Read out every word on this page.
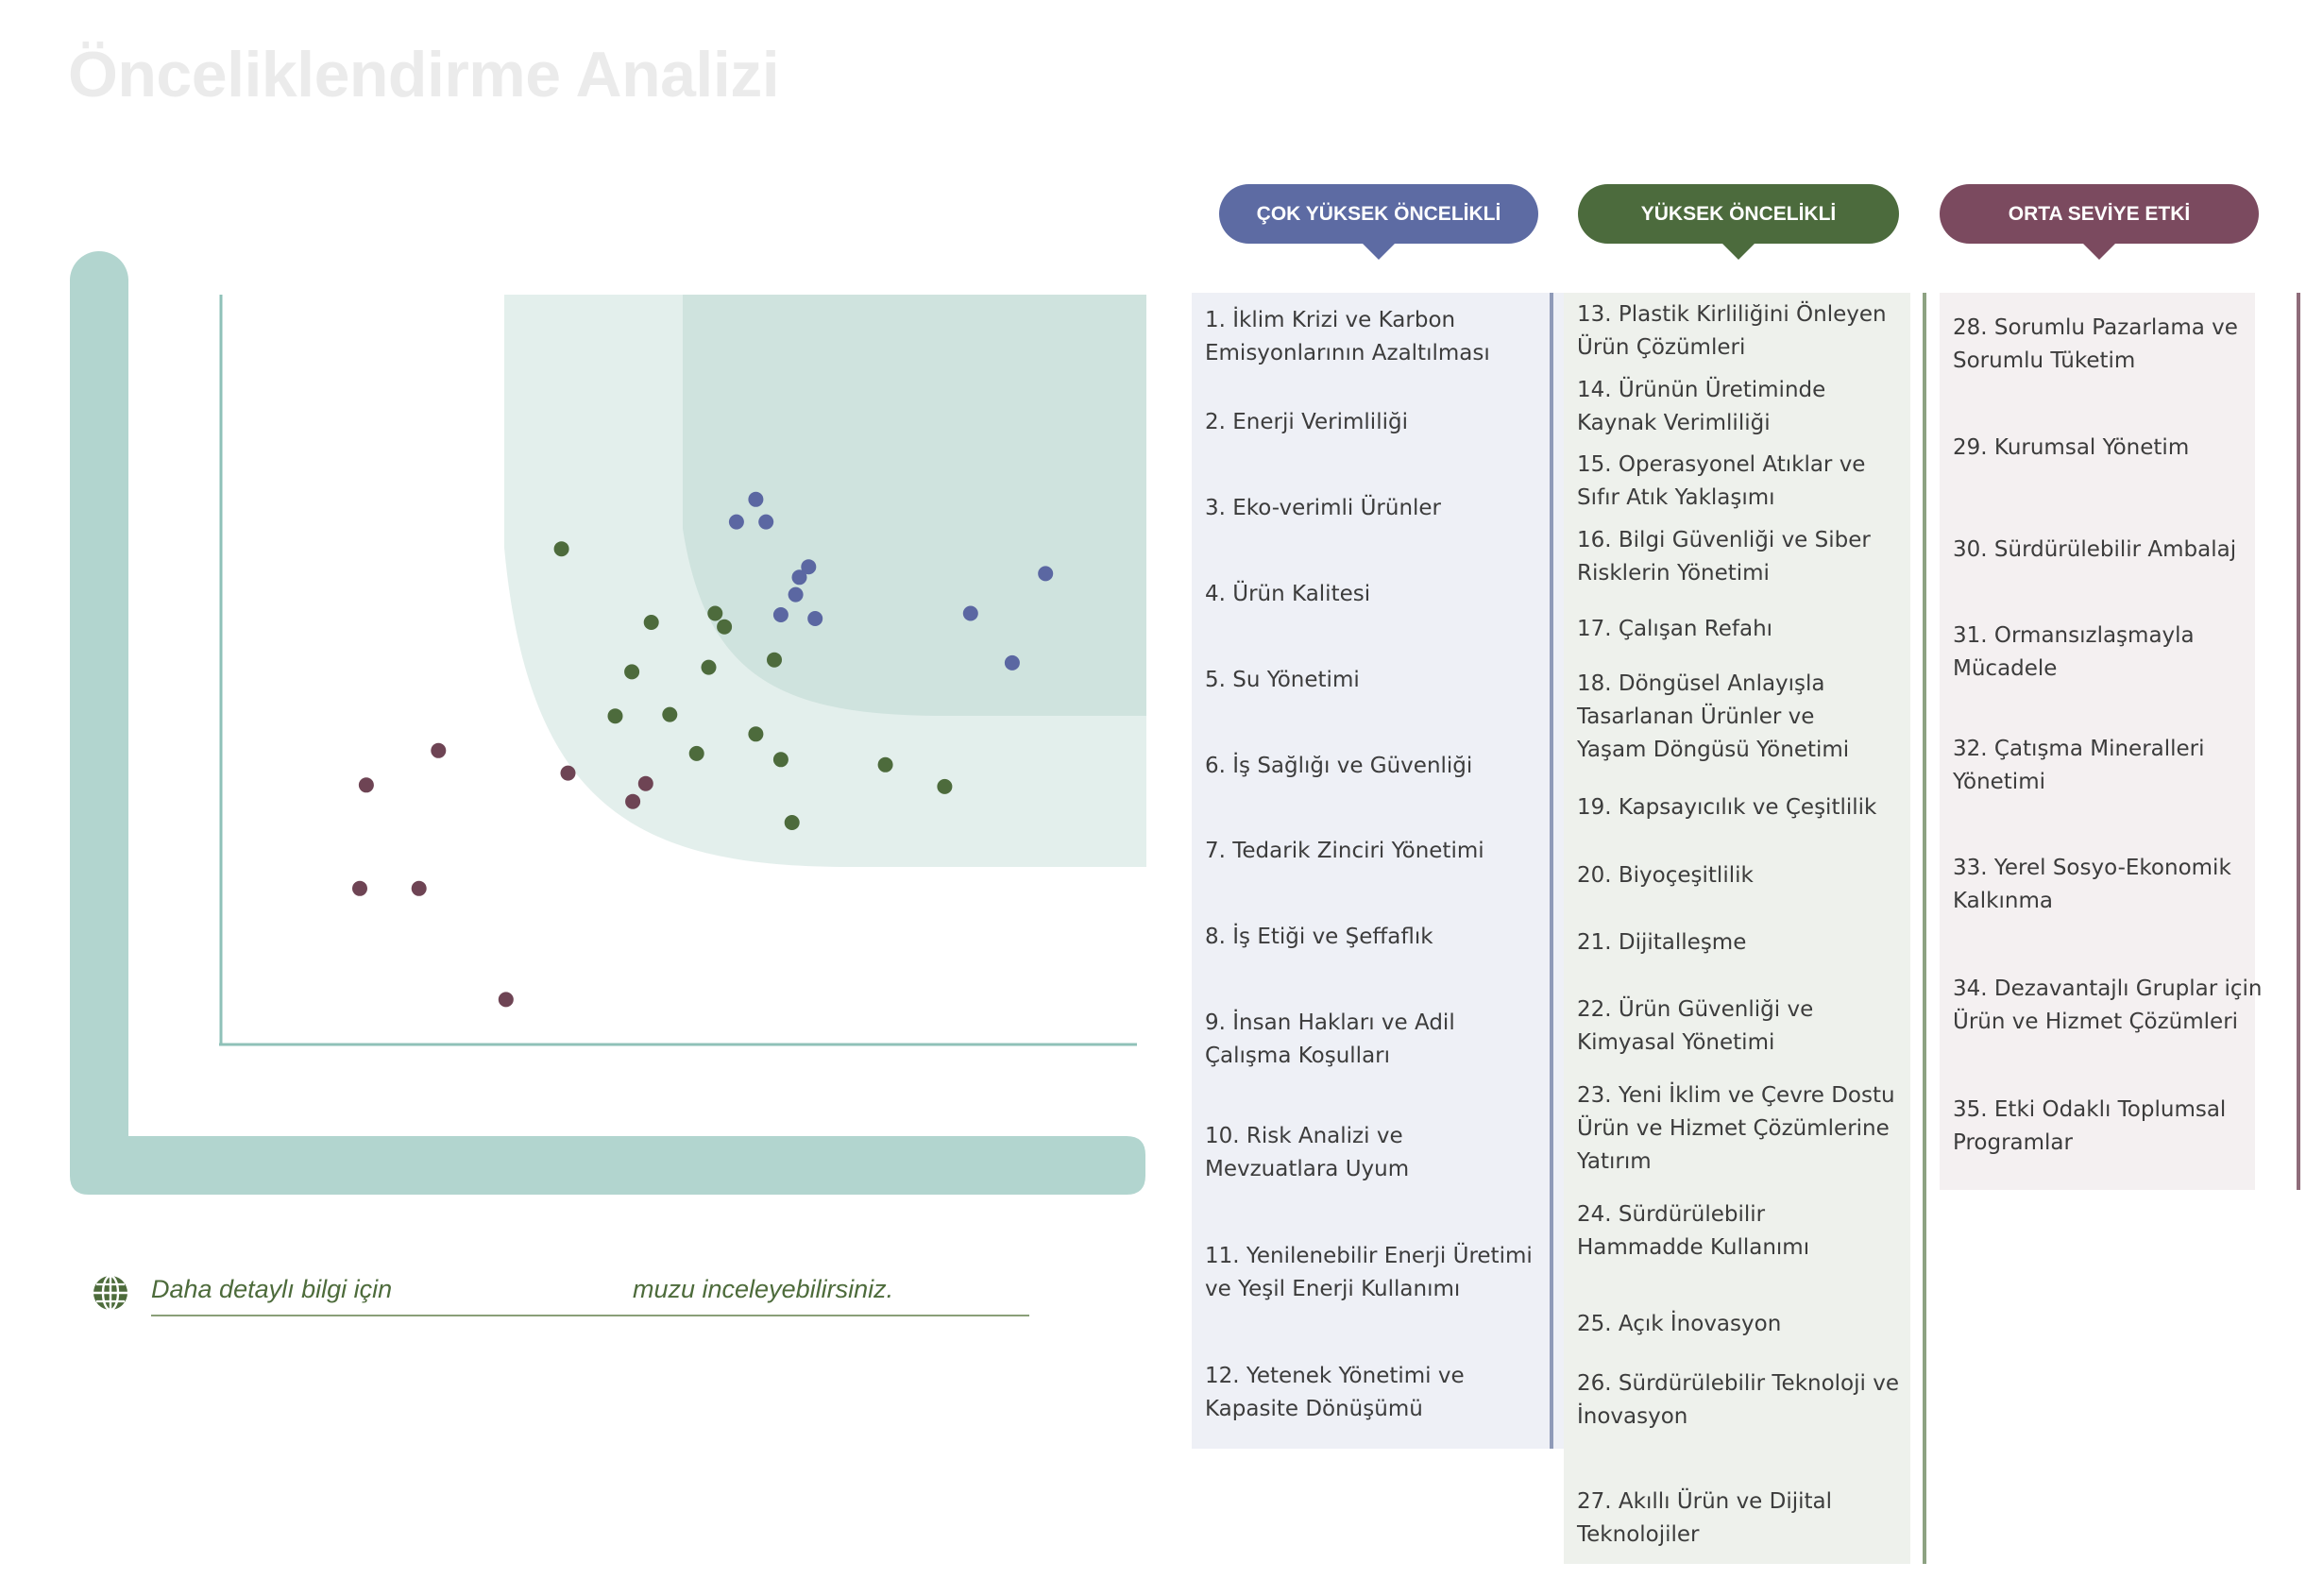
Önceliklendirme Analizi
Daha detaylı bilgi için	muzu inceleyebilirsiniz.
ÇOK YÜKSEK ÖNCELİKLİ	YÜKSEK ÖNCELİKLİ	ORTA SEVİYE ETKİ
1. İklim Krizi ve Karbon
Emisyonlarının Azaltılması
2. Enerji Verimliliği
3. Eko-verimli Ürünler
4. Ürün Kalitesi
5. Su Yönetimi
6. İş Sağlığı ve Güvenliği
7. Tedarik Zinciri Yönetimi
8. İş Etiği ve Şeffaflık
9. İnsan Hakları ve Adil
Çalışma Koşulları
10. Risk Analizi ve
Mevzuatlara Uyum
11. Yenilenebilir Enerji Üretimi
ve Yeşil Enerji Kullanımı
12. Yetenek Yönetimi ve
Kapasite Dönüşümü
13. Plastik Kirliliğini Önleyen
Ürün Çözümleri
14. Ürünün Üretiminde
Kaynak Verimliliği
15. Operasyonel Atıklar ve
Sıfır Atık Yaklaşımı
16. Bilgi Güvenliği ve Siber
Risklerin Yönetimi
17. Çalışan Refahı
18. Döngüsel Anlayışla
Tasarlanan Ürünler ve
Yaşam Döngüsü Yönetimi
19. Kapsayıcılık ve Çeşitlilik
20. Biyoçeşitlilik
21. Dijitalleşme
22. Ürün Güvenliği ve
Kimyasal Yönetimi
23. Yeni İklim ve Çevre Dostu
Ürün ve Hizmet Çözümlerine
Yatırım
24. Sürdürülebilir
Hammadde Kullanımı
25. Açık İnovasyon
26. Sürdürülebilir Teknoloji ve
İnovasyon
27. Akıllı Ürün ve Dijital
Teknolojiler
28. Sorumlu Pazarlama ve
Sorumlu Tüketim
29. Kurumsal Yönetim
30. Sürdürülebilir Ambalaj
31. Ormansızlaşmayla
Mücadele
32. Çatışma Mineralleri
Yönetimi
33. Yerel Sosyo-Ekonomik
Kalkınma
34. Dezavantajlı Gruplar için
Ürün ve Hizmet Çözümleri
35. Etki Odaklı Toplumsal
Programlar
